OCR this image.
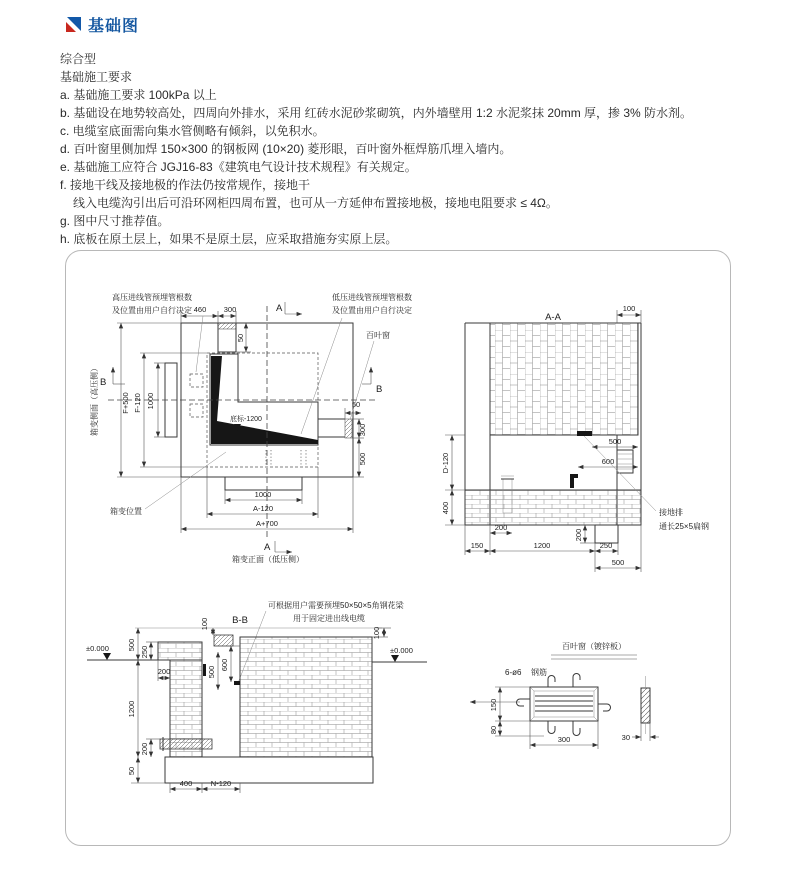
基础图
综合型
基础施工要求
a. 基础施工要求 100kPa 以上
b. 基础设在地势较高处，四周向外排水，采用 红砖水泥砂浆砌筑，内外墙壁用 1:2 水泥浆抹 20mm 厚，掺 3% 防水剂。
c. 电缆室底面需向集水管侧略有倾斜，以免积水。
d. 百叶窗里侧加焊 150×300 的钢板网 (10×20) 菱形眼，百叶窗外框焊筋爪埋入墙内。
e. 基础施工应符合 JGJ16-83《建筑电气设计技术规程》有关规定。
f. 接地干线及接地极的作法仍按常规作，接地干
线入电缆沟引出后可沿环网柜四周布置，也可从一方延伸布置接地极，接地电阻要求 ≤ 4Ω。
g. 图中尺寸推荐值。
h. 底板在原土层上，如果不是原土层，应采取措施夯实原上层。
460 300
50
F+500 F-120 1000	50
300
500
1000
A-120
A+700
A
A
B
B
高压进线管预埋管根数
及位置由用户自行决定
低压进线管预埋管根数
及位置由用户自行决定
百叶窗
箱变位置
底标-1200
箱变侧面（高压侧）
箱变正面（低压侧）
A-A
100
500
600
D-120
400
200
200
150	1200	250
500
接地排
通长25×5扁钢
B-B
可根据用户需要预埋50×50×5角钢花梁
用于固定进出线电缆
±0.000	±0.000
100
500
250
200
1200
200
50
600
500
400 N-120
100
百叶窗（镀锌板）
6-ø6 钢筋
150
80
300	30
